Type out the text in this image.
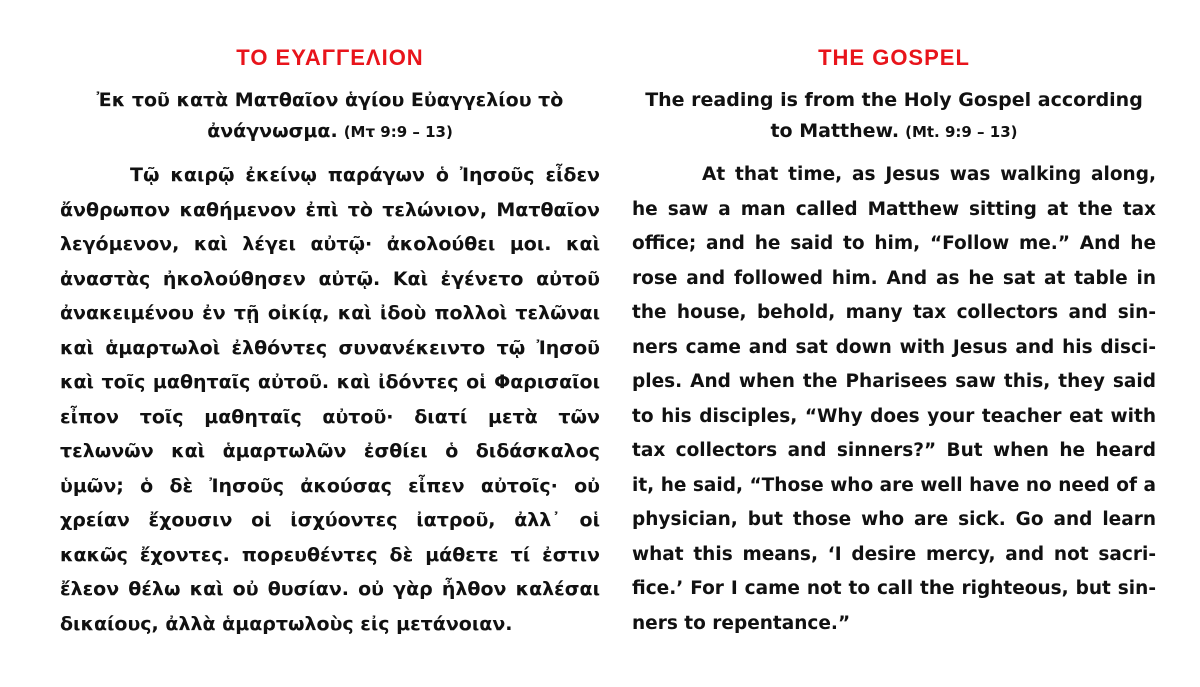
ΤΟ ΕΥΑΓΓΕΛΙΟΝ

Ἐκ τοῦ κατὰ Ματθαῖον ἁγίου Εὐαγγελίου τὸ ἀνάγνωσμα. (Μτ 9:9 – 13)

Τῷ καιρῷ ἐκείνῳ παράγων ὁ Ἰησοῦς εἶδεν ἄνθρωπον καθήμενον ἐπὶ τὸ τελώνιον, Ματθαῖον λεγόμενον, καὶ λέγει αὐτῷ· ἀκολούθει μοι. καὶ ἀναστὰς ἠκολούθησεν αὐτῷ. Καὶ ἐγένετο αὐτοῦ ἀνακειμένου ἐν τῇ οἰκίᾳ, καὶ ἰδοὺ πολλοὶ τελῶναι καὶ ἁμαρτωλοὶ ἐλθόντες συνανέκειντο τῷ Ἰησοῦ καὶ τοῖς μαθηταῖς αὐτοῦ. καὶ ἰδόντες οἱ Φαρισαῖοι εἶπον τοῖς μαθηταῖς αὐτοῦ· διατί μετὰ τῶν τελωνῶν καὶ ἁμαρτωλῶν ἐσθίει ὁ διδάσκαλος ὑμῶν; ὁ δὲ Ἰησοῦς ἀκούσας εἶπεν αὐτοῖς· οὐ χρείαν ἔχουσιν οἱ ἰσχύοντες ἰατροῦ, ἀλλ᾽ οἱ κακῶς ἔχοντες. πορευθέντες δὲ μάθετε τί ἐστιν ἔλεον θέλω καὶ οὐ θυσίαν. οὐ γὰρ ἦλθον καλέσαι δικαίους, ἀλλὰ ἁμαρτωλοὺς εἰς μετάνοιαν.

THE GOSPEL

The reading is from the Holy Gospel according to Matthew. (Mt. 9:9 – 13)

At that time, as Jesus was walking along, he saw a man called Matthew sitting at the tax office; and he said to him, “Follow me.” And he rose and followed him. And as he sat at table in the house, behold, many tax collectors and sinners came and sat down with Jesus and his disciples. And when the Pharisees saw this, they said to his disciples, “Why does your teacher eat with tax collectors and sinners?” But when he heard it, he said, “Those who are well have no need of a physician, but those who are sick. Go and learn what this means, ‘I desire mercy, and not sacrifice.’ For I came not to call the righteous, but sinners to repentance.”
